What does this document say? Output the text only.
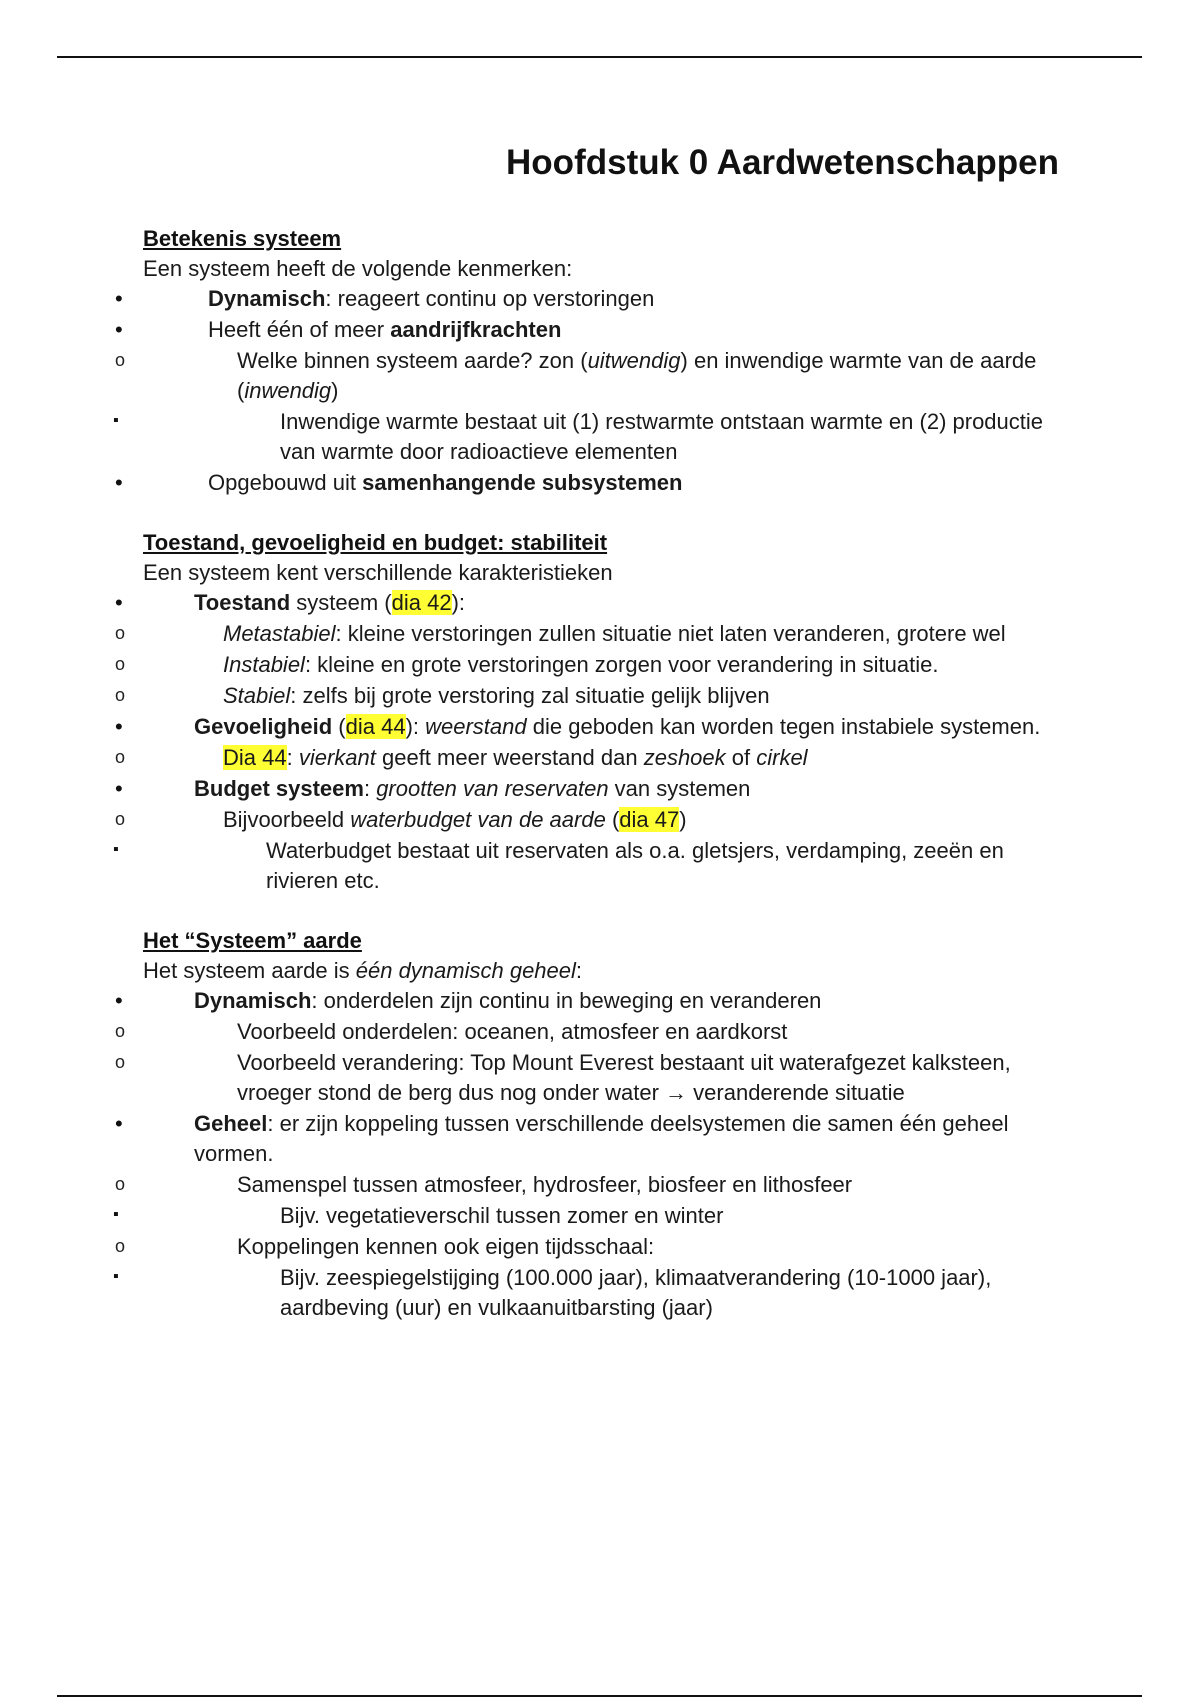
Hoofdstuk 0 Aardwetenschappen

Betekenis systeem

Een systeem heeft de volgende kenmerken:

• Dynamisch: reageert continu op verstoringen
• Heeft één of meer aandrijfkrachten
o Welke binnen systeem aarde? zon (uitwendig) en inwendige warmte van de aarde (inwendig)
▪ Inwendige warmte bestaat uit (1) restwarmte ontstaan warmte en (2) productie van warmte door radioactieve elementen
• Opgebouwd uit samenhangende subsystemen

Toestand, gevoeligheid en budget: stabiliteit

Een systeem kent verschillende karakteristieken

• Toestand systeem (dia 42):
o Metastabiel: kleine verstoringen zullen situatie niet laten veranderen, grotere wel
o Instabiel: kleine en grote verstoringen zorgen voor verandering in situatie.
o Stabiel: zelfs bij grote verstoring zal situatie gelijk blijven
• Gevoeligheid (dia 44): weerstand die geboden kan worden tegen instabiele systemen.
o Dia 44: vierkant geeft meer weerstand dan zeshoek of cirkel
• Budget systeem: grootten van reservaten van systemen
o Bijvoorbeeld waterbudget van de aarde (dia 47)
▪ Waterbudget bestaat uit reservaten als o.a. gletsjers, verdamping, zeeën en rivieren etc.

Het “Systeem” aarde

Het systeem aarde is één dynamisch geheel:

• Dynamisch: onderdelen zijn continu in beweging en veranderen
o Voorbeeld onderdelen: oceanen, atmosfeer en aardkorst
o Voorbeeld verandering: Top Mount Everest bestaant uit waterafgezet kalksteen, vroeger stond de berg dus nog onder water → veranderende situatie
• Geheel: er zijn koppeling tussen verschillende deelsystemen die samen één geheel vormen.
o Samenspel tussen atmosfeer, hydrosfeer, biosfeer en lithosfeer
▪ Bijv. vegetatieverschil tussen zomer en winter
o Koppelingen kennen ook eigen tijdsschaal:
▪ Bijv. zeespiegelstijging (100.000 jaar), klimaatverandering (10-1000 jaar), aardbeving (uur) en vulkaanuitbarsting (jaar)
